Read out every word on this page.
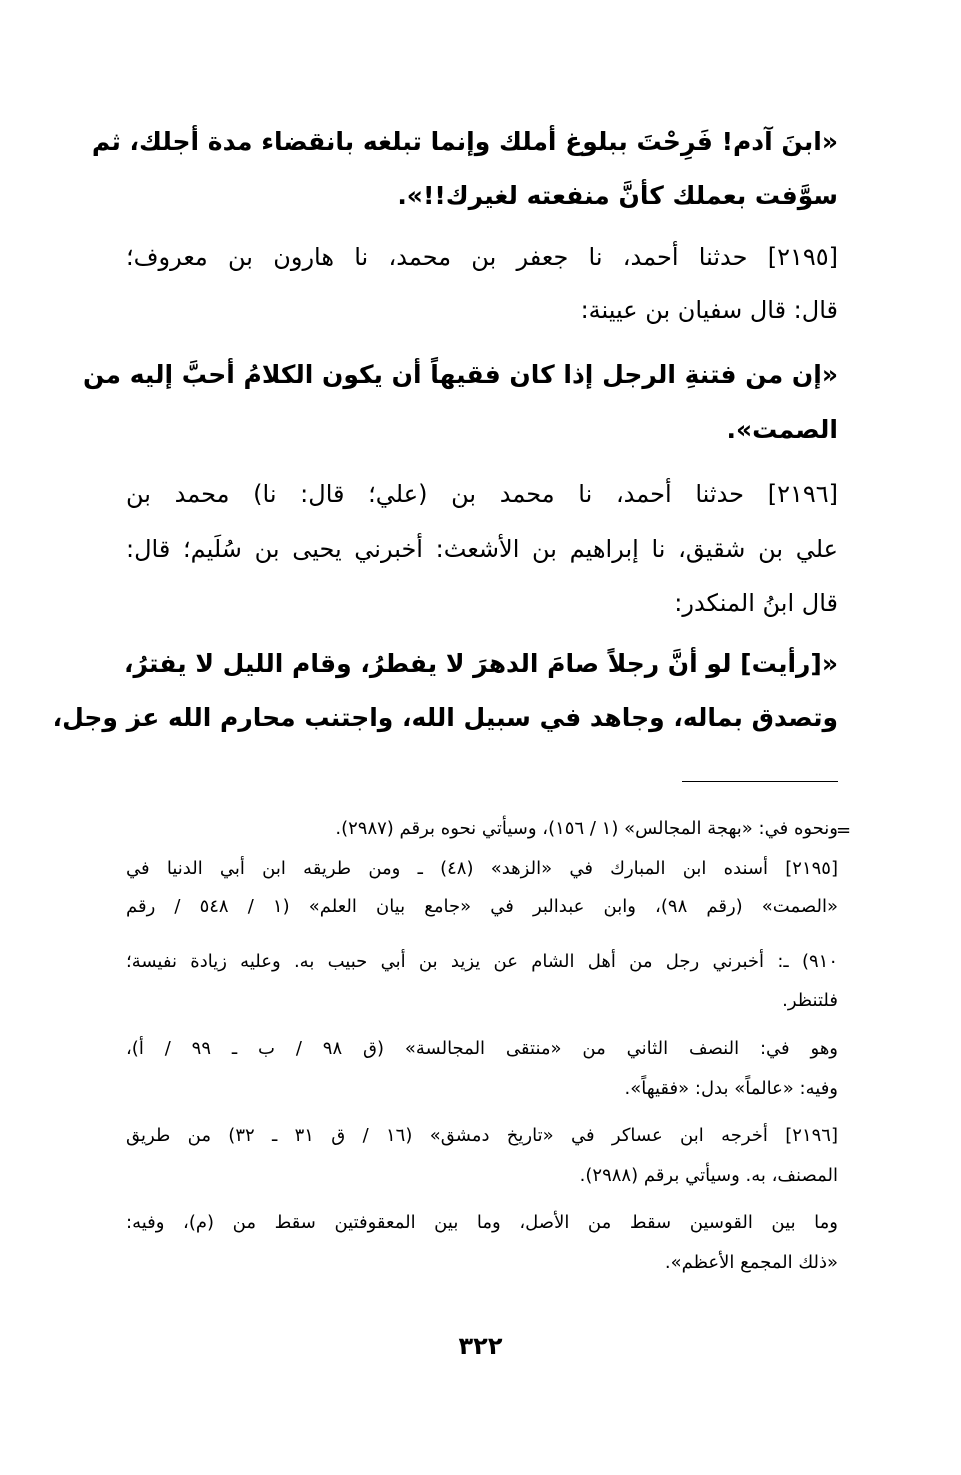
«ابنَ آدم! فَرِحْتَ ببلوغ أملك وإنما تبلغه بانقضاء مدة أجلك، ثم
سوَّفت بعملك كأنَّ منفعته لغيرك!!».
[٢١٩٥] حدثنا أحمد، نا جعفر بن محمد، نا هارون بن معروف؛
قال: قال سفيان بن عيينة:
«إن من فتنةِ الرجل إذا كان فقيهاً أن يكون الكلامُ أحبَّ إليه من
الصمت».
[٢١٩٦] حدثنا أحمد، نا محمد بن (علي؛ قال: نا) محمد بن
علي بن شقيق، نا إبراهيم بن الأشعث: أخبرني يحيى بن سُلَيم؛ قال:
قال ابنُ المنكدر:
«[رأيت] لو أنَّ رجلاً صامَ الدهرَ لا يفطرُ، وقام الليل لا يفترُ،
وتصدق بماله، وجاهد في سبيل الله، واجتنب محارم الله عز وجل،
=
ونحوه في: «بهجة المجالس» (١ / ١٥٦)، وسيأتي نحوه برقم (٢٩٨٧).
[٢١٩٥] أسنده ابن المبارك في «الزهد» (٤٨) ـ ومن طريقه ابن أبي الدنيا في
«الصمت» (رقم ٩٨)، وابن عبدالبر في «جامع بيان العلم» (١ / ٥٤٨ / رقم
٩١٠) ـ: أخبرني رجل من أهل الشام عن يزيد بن أبي حبيب به. وعليه زيادة نفيسة؛
فلتنظر.
وهو في: النصف الثاني من «منتقى المجالسة» (ق ٩٨ / ب ـ ٩٩ / أ)،
وفيه: «عالماً» بدل: «فقيهاً».
[٢١٩٦] أخرجه ابن عساكر في «تاريخ دمشق» (١٦ / ق ٣١ ـ ٣٢) من طريق
المصنف، به. وسيأتي برقم (٢٩٨٨).
وما بين القوسين سقط من الأصل، وما بين المعقوفتين سقط من (م)، وفيه:
«ذلك المجمع الأعظم».
٣٢٢
